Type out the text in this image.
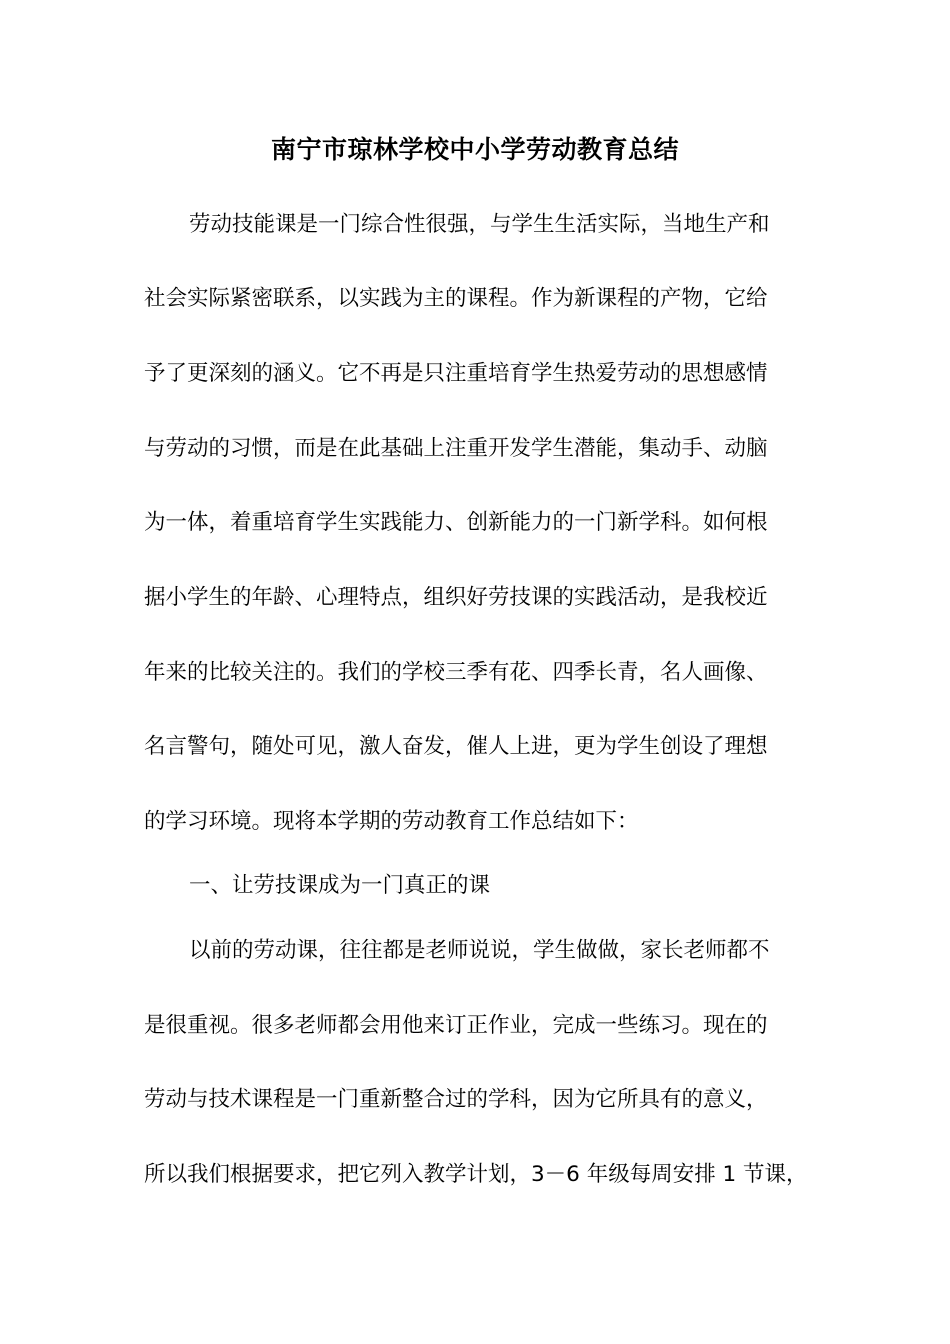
南宁市琼林学校中小学劳动教育总结
劳动技能课是一门综合性很强，与学生生活实际，当地生产和
社会实际紧密联系，以实践为主的课程。作为新课程的产物，它给
予了更深刻的涵义。它不再是只注重培育学生热爱劳动的思想感情
与劳动的习惯，而是在此基础上注重开发学生潜能，集动手、动脑
为一体，着重培育学生实践能力、创新能力的一门新学科。如何根
据小学生的年龄、心理特点，组织好劳技课的实践活动，是我校近
年来的比较关注的。我们的学校三季有花、四季长青，名人画像、
名言警句，随处可见，激人奋发，催人上进，更为学生创设了理想
的学习环境。现将本学期的劳动教育工作总结如下：
一、让劳技课成为一门真正的课
以前的劳动课，往往都是老师说说，学生做做，家长老师都不
是很重视。很多老师都会用他来订正作业，完成一些练习。现在的
劳动与技术课程是一门重新整合过的学科，因为它所具有的意义，
所以我们根据要求，把它列入教学计划，3－6 年级每周安排 1 节课，
